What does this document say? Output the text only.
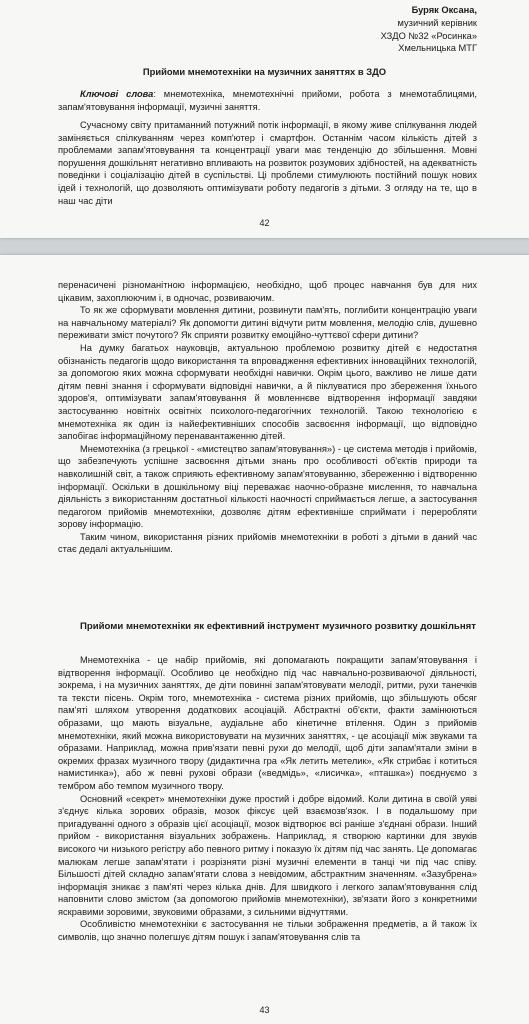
Буряк Оксана,
музичний керівник
ХЗДО №32 «Росинка»
Хмельницька МТГ
Прийоми мнемотехніки на музичних заняттях в ЗДО
Ключові слова: мнемотехніка, мнемотехнічні прийоми, робота з мнемотаблицями, запам'ятовування інформації, музичні заняття.
Сучасному світу притаманний потужний потік інформації, в якому живе спілкування людей заміняється спілкуванням через комп'ютер і смартфон. Останнім часом кількість дітей з проблемами запам'ятовування та концентрації уваги має тенденцію до збільшення. Мовні порушення дошкільнят негативно впливають на розвиток розумових здібностей, на адекватність поведінки і соціалізацію дітей в суспільстві. Ці проблеми стимулюють постійний пошук нових ідей і технологій, що дозволяють оптимізувати роботу педагогів з дітьми. З огляду на те, що в наш час діти
42

перенасичені різноманітною інформацією, необхідно, щоб процес навчання був для них цікавим, захоплюючим і, в одночас, розвиваючим.

То як же сформувати мовлення дитини, розвинути пам'ять, поглибити концентрацію уваги на навчальному матеріалі? Як допомогти дитині відчути ритм мовлення, мелодію слів, душевно переживати зміст почутого? Як сприяти розвитку емоційно-чуттєвої сфери дитини?

На думку багатьох науковців, актуальною проблемою розвитку дітей є недостатня обізнаність педагогів щодо використання та впровадження ефективних інноваційних технологій, за допомогою яких можна сформувати необхідні навички. Окрім цього, важливо не лише дати дітям певні знання і сформувати відповідні навички, а й піклуватися про збереження їхнього здоров'я, оптимізувати запам'ятовування й мовленнєве відтворення інформації завдяки застосуванню новітніх освітніх психолого-педагогічних технологій. Такою технологією є мнемотехніка як один із найефективніших способів засвоєння інформації, що відповідно запобігає інформаційному перенавантаженню дітей.

Мнемотехніка (з грецької - «мистецтво запам'ятовування») - це система методів і прийомів, що забезпечують успішне засвоєння дітьми знань про особливості об'єктів природи та навколишній світ, а також сприяють ефективному запам'ятовуванню, збереженню і відтворенню інформації. Оскільки в дошкільному віці переважає наочно-образне мислення, то навчальна діяльність з використанням достатньої кількості наочності сприймається легше, а застосування педагогом прийомів мнемотехніки, дозволяє дітям ефективніше сприймати і переробляти зорову інформацію.

Таким чином, використання різних прийомів мнемотехніки в роботі з дітьми в даний час стає дедалі актуальнішим.

Прийоми мнемотехніки як ефективний інструмент музичного розвитку дошкільнят

Мнемотехніка - це набір прийомів, які допомагають покращити запам'ятовування і відтворення інформації. Особливо це необхідно під час навчально-розвиваючої діяльності, зокрема, і на музичних заняттях, де діти повинні запам'ятовувати мелодії, ритми, рухи танечків та тексти пісень. Окрім того, мнемотехніка - система різних прийомів, що збільшують обсяг пам'яті шляхом утворення додаткових асоціацій. Абстрактні об'єкти, факти замінюються образами, що мають візуальне, аудіальне або кінетичне втілення. Один з прийомів мнемотехніки, який можна використовувати на музичних заняттях, - це асоціації між звуками та образами. Наприклад, можна прив'язати певні рухи до мелодії, щоб діти запам'ятали зміни в окремих фразах музичного твору (дидактична гра «Як летить метелик», «Як стрибає і котиться намистинка»), або ж певні рухові образи («ведмідь», «лисичка», «пташка») поєднуємо з тембром або темпом музичного твору.

Основний «секрет» мнемотехніки дуже простий і добре відомий. Коли дитина в своїй уяві з'єднує кілька зорових образів, мозок фіксує цей взаємозв'язок. І в подальшому при пригадуванні одного з образів цієї асоціації, мозок відтворює всі раніше з'єднані образи. Інший прийом - використання візуальних зображень. Наприклад, я створюю картинки для звуків високого чи низького регістру або певного ритму і показую їх дітям під час занять. Це допомагає малюкам легше запам'ятати і розрізняти різні музичні елементи в танці чи під час співу. Більшості дітей складно запам'ятати слова з невідомим, абстрактним значенням. «Зазубрена» інформація зникає з пам'яті через кілька днів. Для швидкого і легкого запам'ятовування слід наповнити слово змістом (за допомогою прийомів мнемотехніки), зв'язати його з конкретними яскравими зоровими, звуковими образами, з сильними відчуттями.

Особливістю мнемотехніки є застосування не тільки зображення предметів, а й також їх символів, що значно полегшує дітям пошук і запам'ятовування слів та

43
